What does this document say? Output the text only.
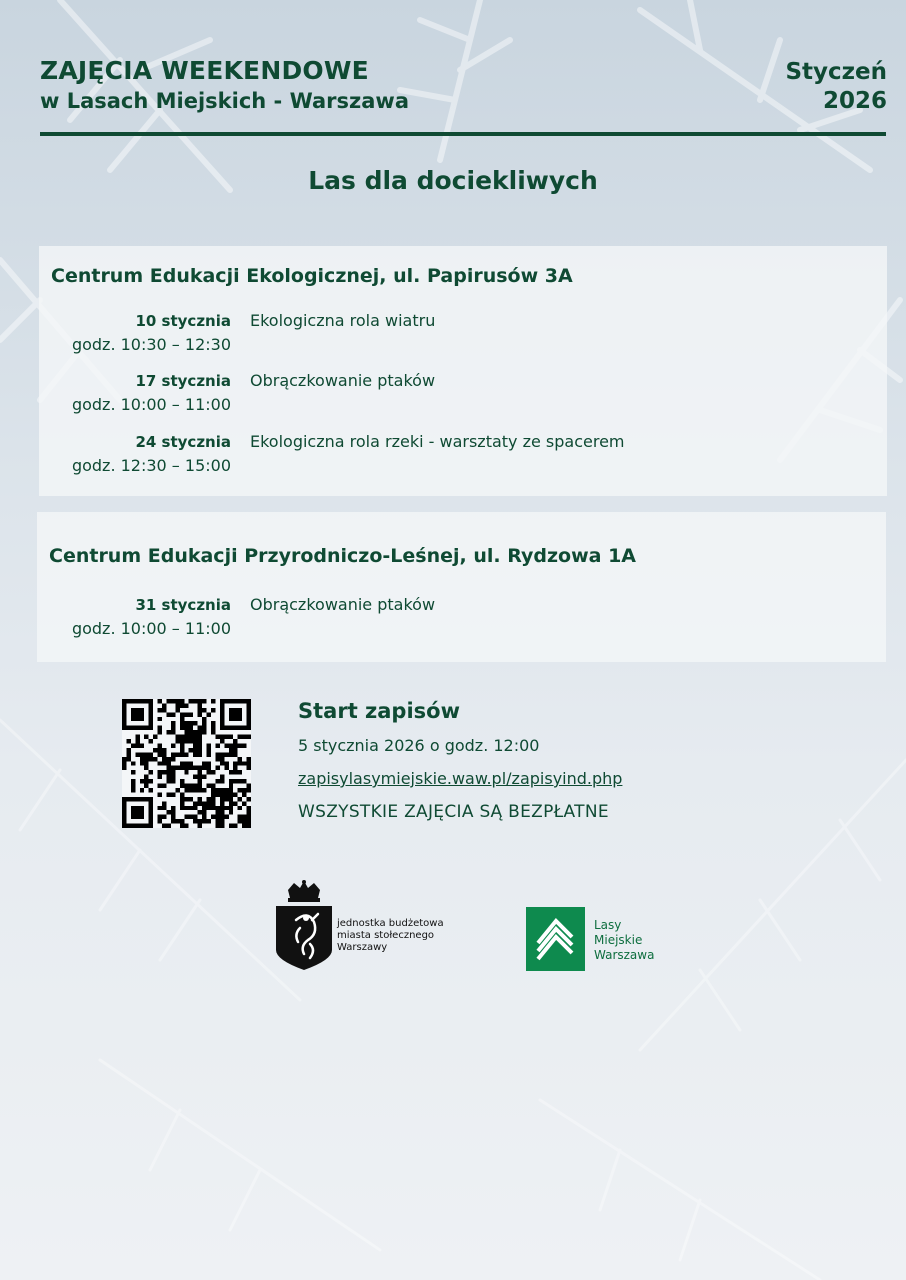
ZAJĘCIA WEEKENDOWE
w Lasach Miejskich - Warszawa
Styczeń
2026
Las dla dociekliwych
Centrum Edukacji Ekologicznej, ul. Papirusów 3A
10 stycznia
godz. 10:30 – 12:30
Ekologiczna rola wiatru
17 stycznia
godz. 10:00 – 11:00
Obrączkowanie ptaków
24 stycznia
godz. 12:30 – 15:00
Ekologiczna rola rzeki - warsztaty ze spacerem
Centrum Edukacji Przyrodniczo-Leśnej, ul. Rydzowa 1A
31 stycznia
godz. 10:00 – 11:00
Obrączkowanie ptaków
Start zapisów
5 stycznia 2026 o godz. 12:00
zapisylasymiejskie.waw.pl/zapisyind.php
WSZYSTKIE ZAJĘCIA SĄ BEZPŁATNE
jednostka budżetowa
miasta stołecznego
Warszawy
Lasy
Miejskie
Warszawa
